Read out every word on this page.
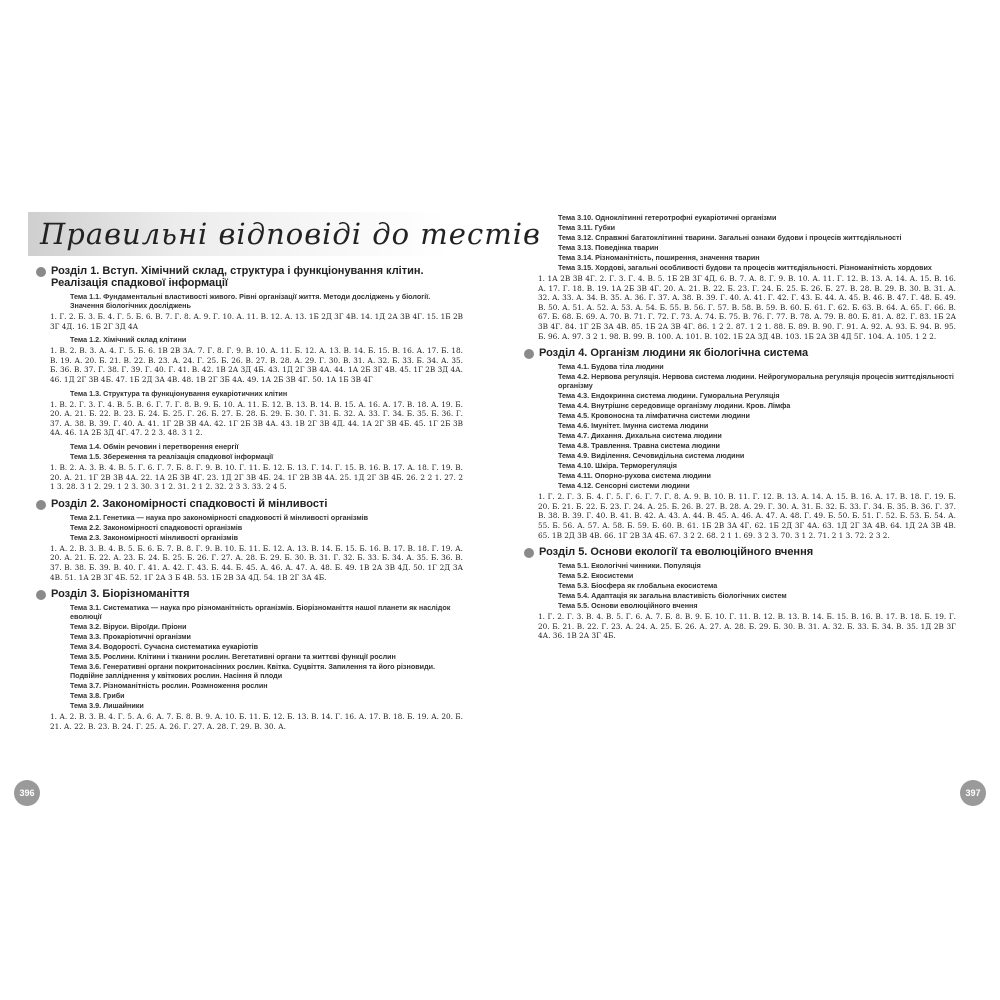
Правильні відповіді до тестів
Розділ 1. Вступ. Хімічний склад, структура і функціонування клітин. Реалізація спадкової інформації
Тема 1.1. Фундаментальні властивості живого. Рівні організації життя. Методи досліджень у біології. Значення біологічних досліджень
1. Г. 2. Б. 3. Б. 4. Г. 5. Б. 6. В. 7. Г. 8. А. 9. Г. 10. А. 11. В. 12. А. 13. 1Б 2Д 3Г 4В. 14. 1Д 2А 3В 4Г. 15. 1Б 2В 3Г 4Д. 16. 1Б 2Г 3Д 4А
Тема 1.2. Хімічний склад клітини
1. В. 2. В. 3. А. 4. Г. 5. Б. 6. 1В 2В 3А. 7. Г. 8. Г. 9. В. 10. А. 11. Б. 12. А. 13. В. 14. Б. 15. В. 16. А. 17. Б. 18. В. 19. А. 20. Б. 21. В. 22. В. 23. А. 24. Г. 25. Б. 26. В. 27. В. 28. А. 29. Г. 30. В. 31. А. 32. Б. 33. Б. 34. А. 35. Б. 36. В. 37. Г. 38. Г. 39. Г. 40. Г. 41. В. 42. 1В 2А 3Д 4Б. 43. 1Д 2Г 3В 4А. 44. 1А 2Б 3Г 4В. 45. 1Г 2В 3Д 4А. 46. 1Д 2Г 3В 4Б. 47. 1Б 2Д 3А 4В. 48. 1В 2Г 3Б 4А. 49. 1А 2Б 3В 4Г. 50. 1А 1Б 3В 4Г
Тема 1.3. Структура та функціонування еукаріотичних клітин
1. В. 2. Г. 3. Г. 4. В. 5. В. 6. Г. 7. Г. 8. В. 9. Б. 10. А. 11. Б. 12. В. 13. В. 14. В. 15. А. 16. А. 17. В. 18. А. 19. Б. 20. А. 21. Б. 22. В. 23. Б. 24. Б. 25. Г. 26. Б. 27. Б. 28. Б. 29. Б. 30. Г. 31. Б. 32. А. 33. Г. 34. Б. 35. Б. 36. Г. 37. А. 38. В. 39. Г. 40. А. 41. 1Г 2В 3В 4А. 42. 1Г 2Б 3В 4А. 43. 1В 2Г 3В 4Д. 44. 1А 2Г 3В 4Б. 45. 1Г 2Б 3В 4А. 46. 1А 2Б 3Д 4Г. 47. 2 2 3. 48. 3 1 2.
Тема 1.4. Обмін речовин і перетворення енергії
Тема 1.5. Збереження та реалізація спадкової інформації
1. В. 2. А. 3. В. 4. В. 5. Г. 6. Г. 7. Б. 8. Г. 9. В. 10. Г. 11. Б. 12. Б. 13. Г. 14. Г. 15. В. 16. В. 17. А. 18. Г. 19. В. 20. А. 21. 1Г 2В 3В 4А. 22. 1А 2Б 3В 4Г. 23. 1Д 2Г 3В 4Б. 24. 1Г 2В 3В 4А. 25. 1Д 2Г 3В 4Б. 26. 2 2 1. 27. 2 1 3. 28. 3 1 2. 29. 1 2 3. 30. 3 1 2. 31. 2 1 2. 32. 2 3 3. 33. 2 4 5.
Розділ 2. Закономірності спадковості й мінливості
Тема 2.1. Генетика — наука про закономірності спадковості й мінливості організмів
Тема 2.2. Закономірності спадковості організмів
Тема 2.3. Закономірності мінливості організмів
1. А. 2. В. 3. В. 4. В. 5. Б. 6. Б. 7. В. 8. Г. 9. В. 10. Б. 11. Б. 12. А. 13. В. 14. Б. 15. Б. 16. В. 17. В. 18. Г. 19. А. 20. А. 21. Б. 22. А. 23. Б. 24. Б. 25. Б. 26. Г. 27. А. 28. Б. 29. Б. 30. В. 31. Г. 32. Б. 33. Б. 34. А. 35. Б. 36. В. 37. В. 38. Б. 39. В. 40. Г. 41. А. 42. Г. 43. Б. 44. Б. 45. А. 46. А. 47. А. 48. Б. 49. 1В 2А 3В 4Д. 50. 1Г 2Д 3А 4В. 51. 1А 2В 3Г 4Б. 52. 1Г 2А 3 Б 4В. 53. 1Б 2В 3А 4Д. 54. 1В 2Г 3А 4Б.
Розділ 3. Біорізноманіття
Тема 3.1. Систематика — наука про різноманітність організмів. Біорізноманіття нашої планети як наслідок еволюції
Тема 3.2. Віруси. Віроїди. Пріони
Тема 3.3. Прокаріотичні організми
Тема 3.4. Водорості. Сучасна систематика еукаріотів
Тема 3.5. Рослини. Клітини і тканини рослин. Вегетативні органи та життєві функції рослин
Тема 3.6. Генеративні органи покритонасінних рослин. Квітка. Суцвіття. Запилення та його різновиди. Подвійне запліднення у квіткових рослин. Насіння й плоди
Тема 3.7. Різноманітність рослин. Розмноження рослин
Тема 3.8. Гриби
Тема 3.9. Лишайники
1. А. 2. В. 3. В. 4. Г. 5. А. 6. А. 7. Б. 8. В. 9. А. 10. Б. 11. Б. 12. Б. 13. В. 14. Г. 16. А. 17. В. 18. Б. 19. А. 20. Б. 21. А. 22. В. 23. В. 24. Г. 25. А. 26. Г. 27. А. 28. Г. 29. В. 30. А.
Тема 3.10. Одноклітинні гетеротрофні еукаріотичні організми
Тема 3.11. Губки
Тема 3.12. Справжні багатоклітинні тварини. Загальні ознаки будови і процесів життєдіяльності
Тема 3.13. Поведінка тварин
Тема 3.14. Різноманітність, поширення, значення тварин
Тема 3.15. Хордові, загальні особливості будови та процесів життєдіяльності. Різноманітність хордових
1. 1А 2В 3В 4Г. 2. Г. 3. Г. 4. В. 5. 1Б 2В 3Г 4Д. 6. В. 7. А. 8. Г. 9. В. 10. А. 11. Г. 12. В. 13. А. 14. А. 15. В. 16. А. 17. Г. 18. В. 19. 1А 2Б 3В 4Г. 20. А. 21. В. 22. Б. 23. Г. 24. Б. 25. Б. 26. Б. 27. В. 28. В. 29. В. 30. В. 31. А. 32. А. 33. А. 34. В. 35. А. 36. Г. 37. А. 38. В. 39. Г. 40. А. 41. Г. 42. Г. 43. Б. 44. А. 45. В. 46. В. 47. Г. 48. Б. 49. В. 50. А. 51. А. 52. А. 53. А. 54. Б. 55. В. 56. Г. 57. В. 58. В. 59. В. 60. Б. 61. Г. 62. Б. 63. В. 64. А. 65. Г. 66. В. 67. Б. 68. Б. 69. А. 70. В. 71. Г. 72. Г. 73. А. 74. Б. 75. В. 76. Г. 77. В. 78. А. 79. В. 80. Б. 81. А. 82. Г. 83. 1Б 2А 3В 4Г. 84. 1Г 2Б 3А 4В. 85. 1Б 2А 3В 4Г. 86. 1 2 2. 87. 1 2 1. 88. Б. 89. В. 90. Г. 91. А. 92. А. 93. Б. 94. В. 95. Б. 96. А. 97. 3 2 1. 98. В. 99. В. 100. А. 101. В. 102. 1Б 2А 3Д 4В. 103. 1Б 2А 3В 4Д 5Г. 104. А. 105. 1 2 2.
Розділ 4. Організм людини як біологічна система
Тема 4.1. Будова тіла людини
Тема 4.2. Нервова регуляція. Нервова система людини. Нейрогуморальна регуляція процесів життєдіяльності організму
Тема 4.3. Ендокринна система людини. Гуморальна Регуляція
Тема 4.4. Внутрішнє середовище організму людини. Кров. Лімфа
Тема 4.5. Кровоносна та лімфатична системи людини
Тема 4.6. Імунітет. Імунна система людини
Тема 4.7. Дихання. Дихальна система людини
Тема 4.8. Травлення. Травна система людини
Тема 4.9. Виділення. Сечовидільна система людини
Тема 4.10. Шкіра. Терморегуляція
Тема 4.11. Опорно-рухова система людини
Тема 4.12. Сенсорні системи людини
1. Г. 2. Г. 3. Б. 4. Г. 5. Г. 6. Г. 7. Г. 8. А. 9. В. 10. В. 11. Г. 12. В. 13. А. 14. А. 15. В. 16. А. 17. В. 18. Г. 19. Б. 20. Б. 21. Б. 22. Б. 23. Г. 24. А. 25. Б. 26. В. 27. В. 28. А. 29. Г. 30. А. 31. Б. 32. Б. 33. Г. 34. Б. 35. В. 36. Г. 37. В. 38. В. 39. Г. 40. В. 41. В. 42. А. 43. А. 44. В. 45. А. 46. А. 47. А. 48. Г. 49. Б. 50. Б. 51. Г. 52. Б. 53. Б. 54. А. 55. Б. 56. А. 57. А. 58. Б. 59. Б. 60. В. 61. 1Б 2В 3А 4Г. 62. 1Б 2Д 3Г 4А. 63. 1Д 2Г 3А 4В. 64. 1Д 2А 3В 4В. 65. 1В 2Д 3В 4В. 66. 1Г 2В 3А 4Б. 67. 3 2 2. 68. 2 1 1. 69. 3 2 3. 70. 3 1 2. 71. 2 1 3. 72. 2 3 2.
Розділ 5. Основи екології та еволюційного вчення
Тема 5.1. Екологічні чинники. Популяція
Тема 5.2. Екосистеми
Тема 5.3. Біосфера як глобальна екосистема
Тема 5.4. Адаптація як загальна властивість біологічних систем
Тема 5.5. Основи еволюційного вчення
1. Г. 2. Г. 3. В. 4. В. 5. Г. 6. А. 7. Б. 8. В. 9. Б. 10. Г. 11. В. 12. В. 13. В. 14. Б. 15. В. 16. В. 17. В. 18. Б. 19. Г. 20. Б. 21. В. 22. Г. 23. А. 24. А. 25. Б. 26. А. 27. А. 28. Б. 29. Б. 30. В. 31. А. 32. Б. 33. Б. 34. В. 35. 1Д 2В 3Г 4А. 36. 1В 2А 3Г 4Б.
396	397
